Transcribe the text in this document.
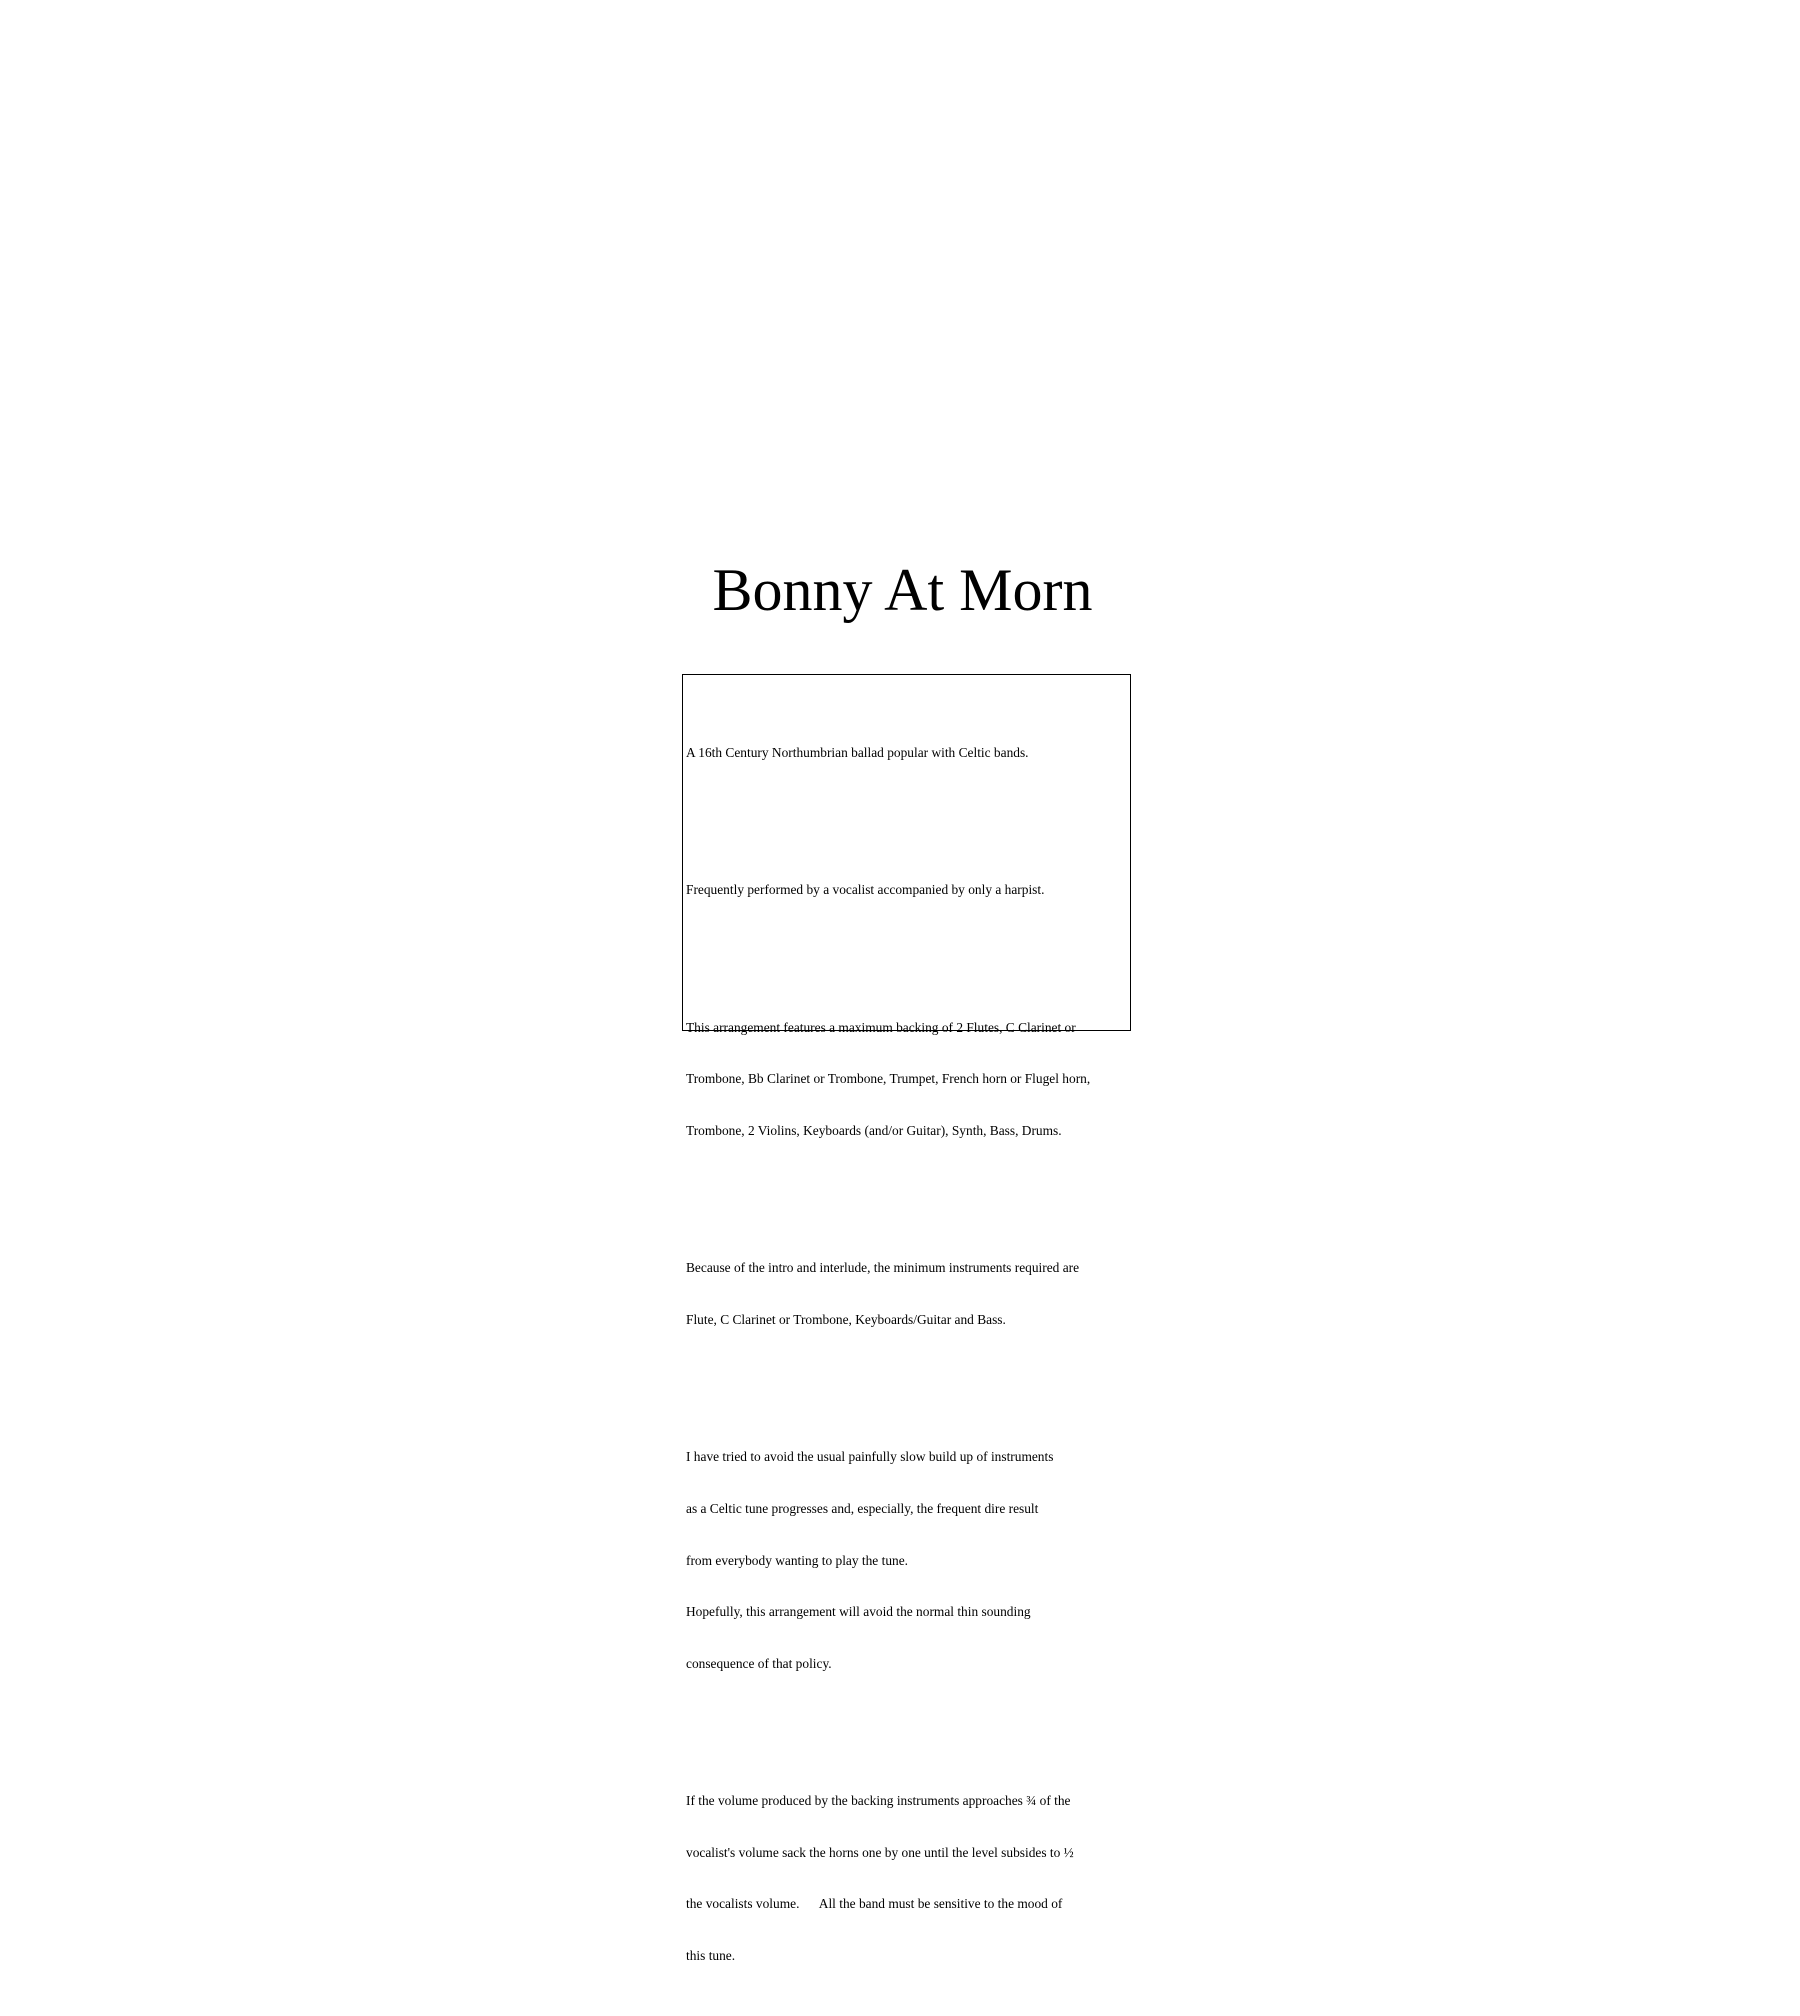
Bonny At Morn

A 16th Century Northumbrian ballad popular with Celtic bands.

Frequently performed by a vocalist accompanied by only a harpist.

This arrangement features a maximum backing of 2 Flutes, C Clarinet or

Trombone, Bb Clarinet or Trombone, Trumpet, French horn or Flugel horn,

Trombone, 2 Violins, Keyboards (and/or Guitar), Synth, Bass, Drums.

Because of the intro and interlude, the minimum instruments required are

Flute, C Clarinet or Trombone, Keyboards/Guitar and Bass.

I have tried to avoid the usual painfully slow build up of instruments

as a Celtic tune progresses and, especially, the frequent dire result

from everybody wanting to play the tune.

Hopefully, this arrangement will avoid the normal thin sounding

consequence of that policy.

If the volume produced by the backing instruments approaches ¾ of the

vocalist's volume sack the horns one by one until the level subsides to ½

the vocalists volume.      All the band must be sensitive to the mood of

this tune.
